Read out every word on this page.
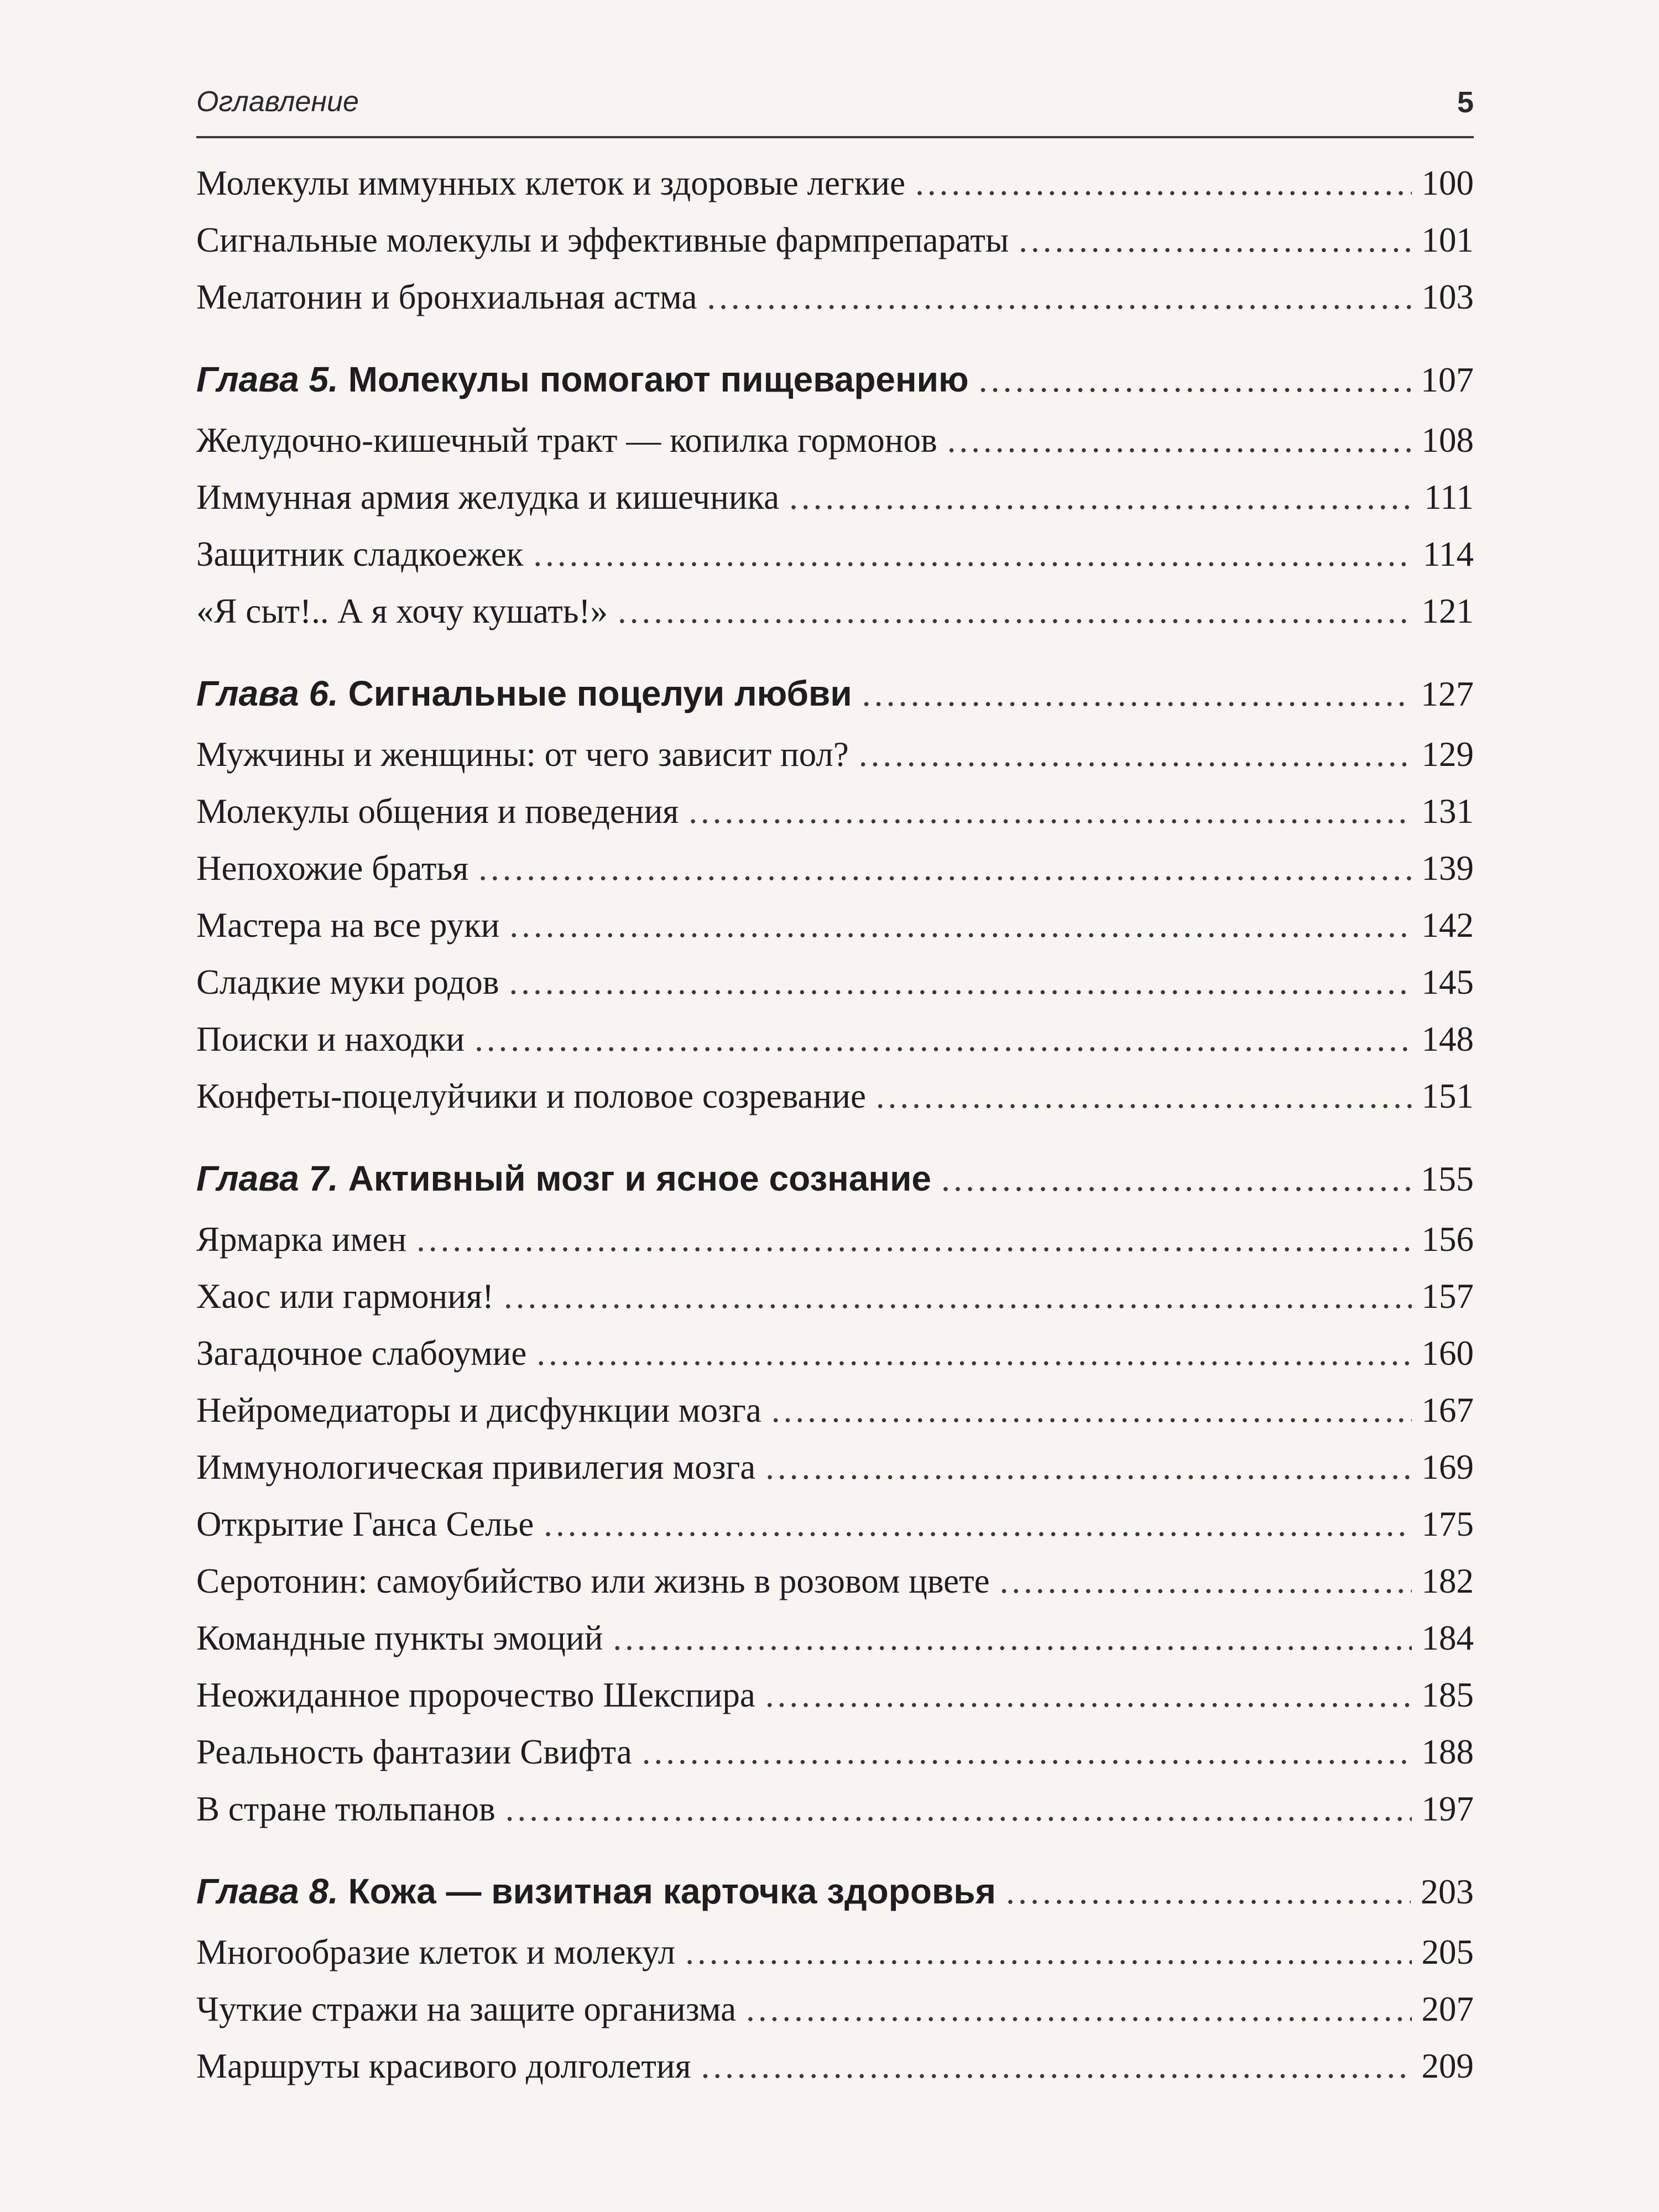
Оглавление	5
Молекулы иммунных клеток и здоровые легкие .....	100
Сигнальные молекулы и эффективные фармпрепараты .....	101
Мелатонин и бронхиальная астма .....	103
Глава 5. Молекулы помогают пищеварению .....	107
Желудочно-кишечный тракт — копилка гормонов .....	108
Иммунная армия желудка и кишечника .....	111
Защитник сладкоежек .....	114
«Я сыт!.. А я хочу кушать!» .....	121
Глава 6. Сигнальные поцелуи любви .....	127
Мужчины и женщины: от чего зависит пол? .....	129
Молекулы общения и поведения .....	131
Непохожие братья .....	139
Мастера на все руки .....	142
Сладкие муки родов .....	145
Поиски и находки .....	148
Конфеты-поцелуйчики и половое созревание .....	151
Глава 7. Активный мозг и ясное сознание .....	155
Ярмарка имен .....	156
Хаос или гармония! .....	157
Загадочное слабоумие .....	160
Нейромедиаторы и дисфункции мозга .....	167
Иммунологическая привилегия мозга .....	169
Открытие Ганса Селье .....	175
Серотонин: самоубийство или жизнь в розовом цвете .....	182
Командные пункты эмоций .....	184
Неожиданное пророчество Шекспира .....	185
Реальность фантазии Свифта .....	188
В стране тюльпанов .....	197
Глава 8. Кожа — визитная карточка здоровья .....	203
Многообразие клеток и молекул .....	205
Чуткие стражи на защите организма .....	207
Маршруты красивого долголетия .....	209
